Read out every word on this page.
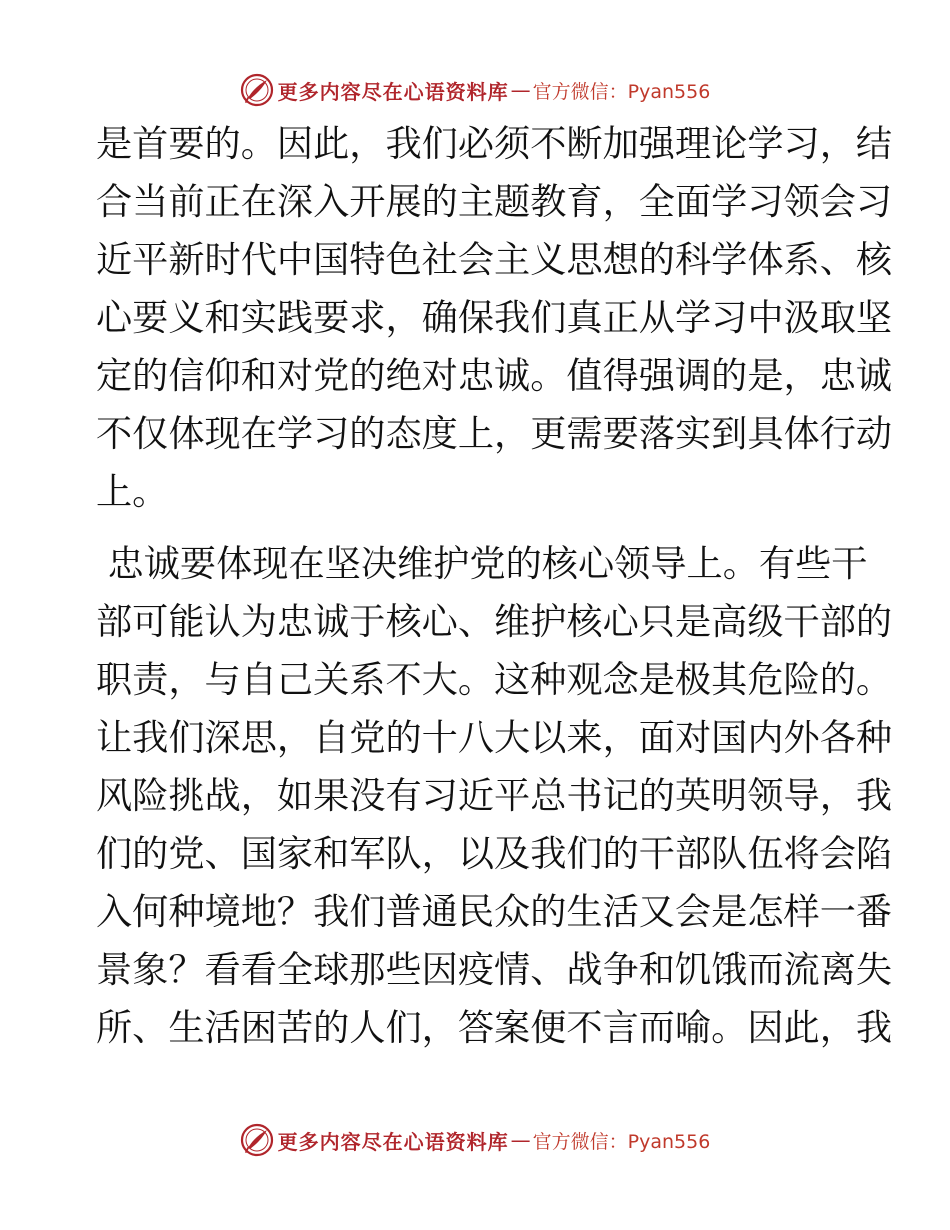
更多内容尽在心语资料库 — 官方微信：Pyan556
是首要的。因此，我们必须不断加强理论学习，结
合当前正在深入开展的主题教育，全面学习领会习
近平新时代中国特色社会主义思想的科学体系、核
心要义和实践要求，确保我们真正从学习中汲取坚
定的信仰和对党的绝对忠诚。值得强调的是，忠诚
不仅体现在学习的态度上，更需要落实到具体行动
上。
忠诚要体现在坚决维护党的核心领导上。有些干
部可能认为忠诚于核心、维护核心只是高级干部的
职责，与自己关系不大。这种观念是极其危险的。
让我们深思，自党的十八大以来，面对国内外各种
风险挑战，如果没有习近平总书记的英明领导，我
们的党、国家和军队，以及我们的干部队伍将会陷
入何种境地？我们普通民众的生活又会是怎样一番
景象？看看全球那些因疫情、战争和饥饿而流离失
所、生活困苦的人们，答案便不言而喻。因此，我
更多内容尽在心语资料库 — 官方微信：Pyan556
